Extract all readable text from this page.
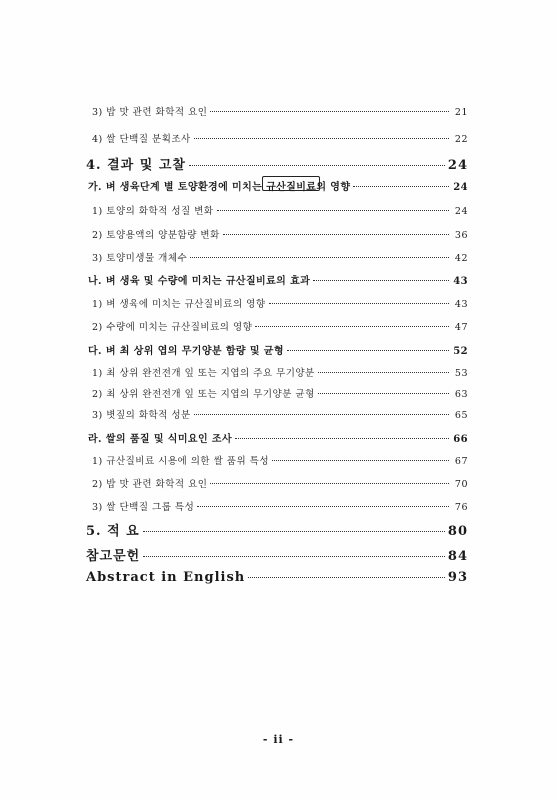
3) 밥 맛 관련 화학적 요인	21
4) 쌀 단백질 분획조사	22
4. 결과 및 고찰	24
가. 벼 생육단계 별 토양환경에 미치는 규산질비료의 영향	24
1) 토양의 화학적 성질 변화	24
2) 토양용액의 양분함량 변화	36
3) 토양미생물 개체수	42
나. 벼 생육 및 수량에 미치는 규산질비료의 효과	43
1) 벼 생육에 미치는 규산질비료의 영향	43
2) 수량에 미치는 규산질비료의 영향	47
다. 벼 최 상위 엽의 무기양분 함량 및 균형	52
1) 최 상위 완전전개 잎 또는 지엽의 주요 무기양분	53
2) 최 상위 완전전개 잎 또는 지엽의 무기양분 균형	63
3) 볏짚의 화학적 성분	65
라. 쌀의 품질 및 식미요인 조사	66
1) 규산질비료 시용에 의한 쌀 품위 특성	67
2) 밥 맛 관련 화학적 요인	70
3) 쌀 단백질 그룹 특성	76
5. 적 요	80
참고문헌	84
Abstract in English	93
- ii -
